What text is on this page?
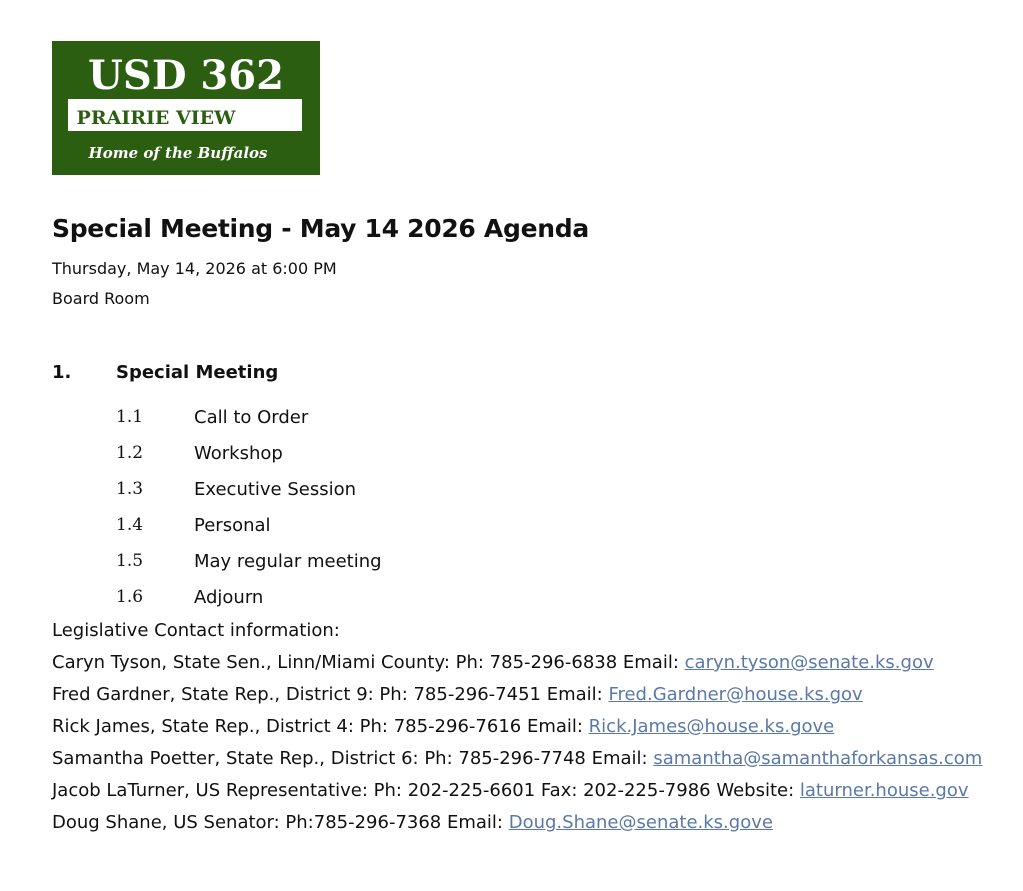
USD 362
PRAIRIE VIEW
Home of the Buffalos
Special Meeting - May 14 2026 Agenda
Thursday, May 14, 2026 at 6:00 PM
Board Room
1. Special Meeting
1.1	Call to Order
1.2	Workshop
1.3	Executive Session
1.4	Personal
1.5	May regular meeting
1.6	Adjourn
Legislative Contact information:
Caryn Tyson, State Sen., Linn/Miami County: Ph: 785-296-6838 Email: caryn.tyson@senate.ks.gov
Fred Gardner, State Rep., District 9: Ph: 785-296-7451 Email: Fred.Gardner@house.ks.gov
Rick James, State Rep., District 4: Ph: 785-296-7616 Email: Rick.James@house.ks.gove
Samantha Poetter, State Rep., District 6: Ph: 785-296-7748 Email: samantha@samanthaforkansas.com
Jacob LaTurner, US Representative: Ph: 202-225-6601 Fax: 202-225-7986 Website: laturner.house.gov
Doug Shane, US Senator: Ph:785-296-7368 Email: Doug.Shane@senate.ks.gove
